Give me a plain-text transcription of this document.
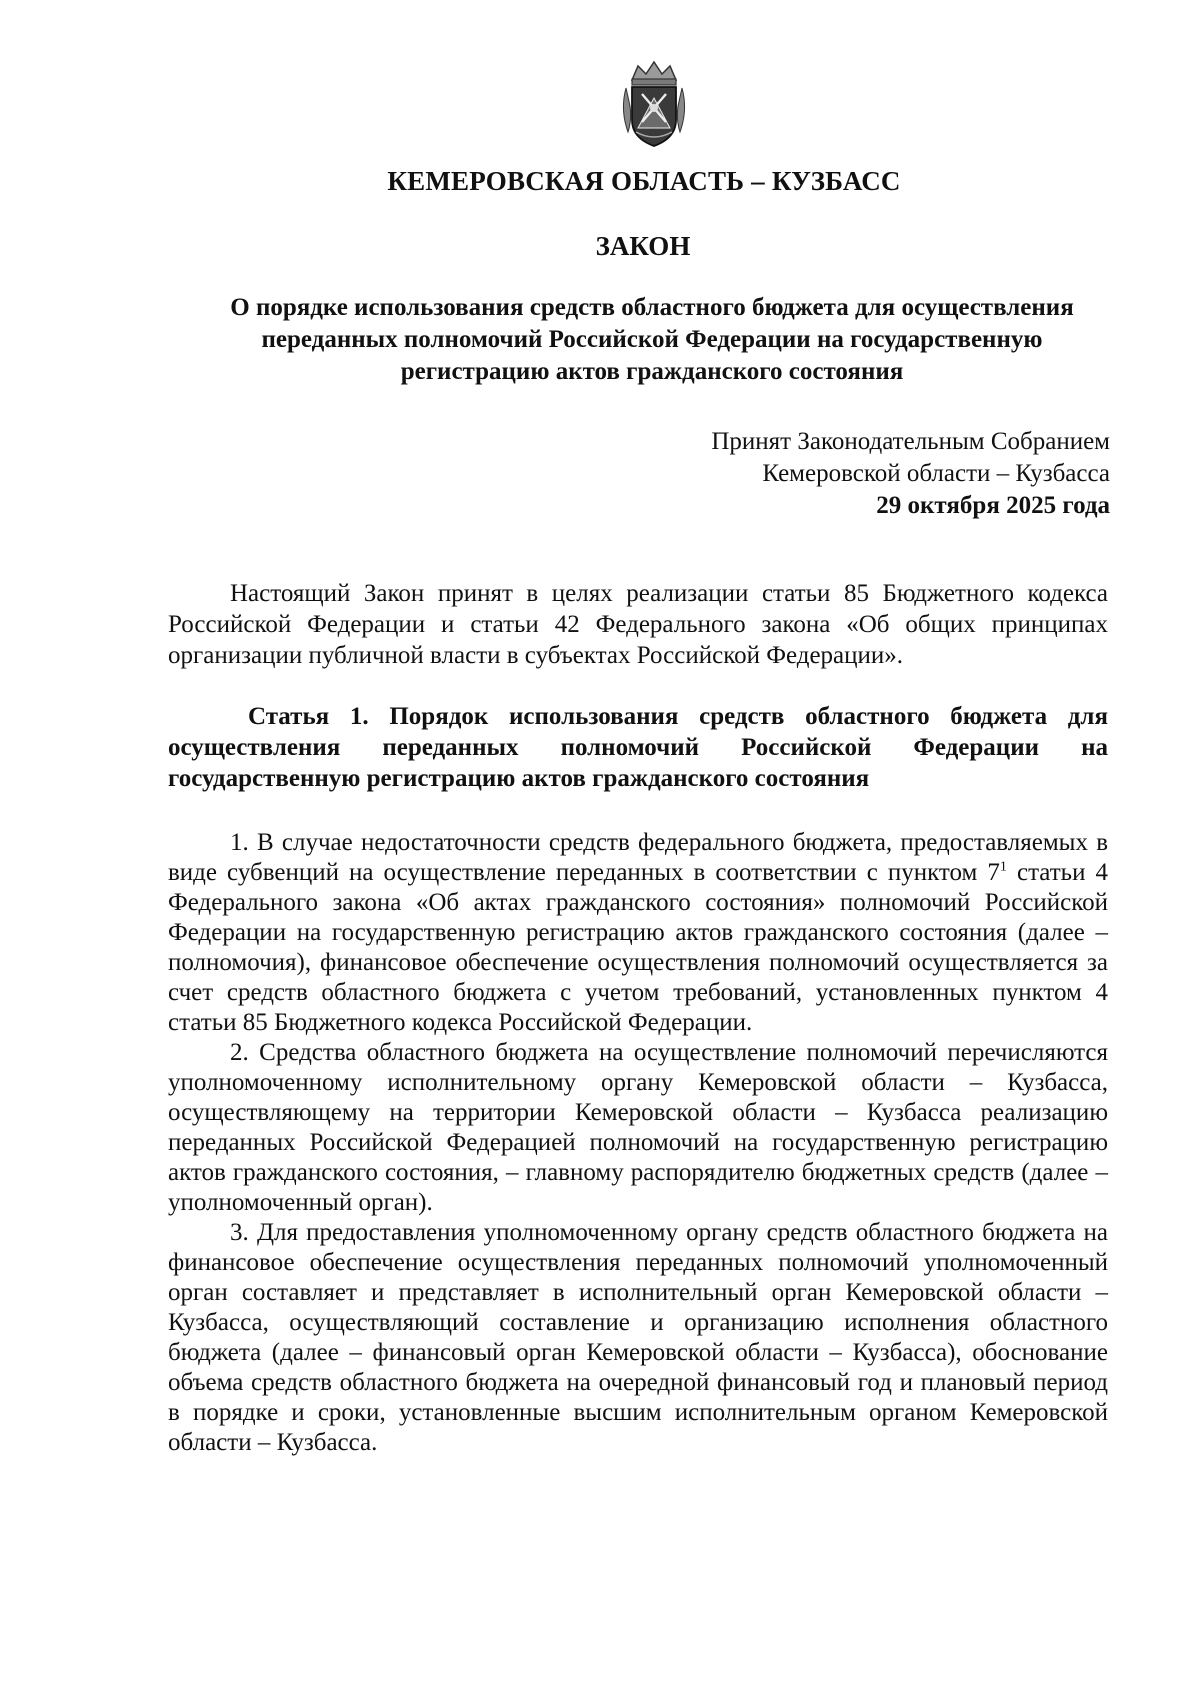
КЕМЕРОВСКАЯ ОБЛАСТЬ – КУЗБАСС
ЗАКОН
О порядке использования средств областного бюджета для осуществления
переданных полномочий Российской Федерации на государственную
регистрацию актов гражданского состояния
Принят Законодательным Собранием
Кемеровской области – Кузбасса
29 октября 2025 года

Настоящий Закон принят в целях реализации статьи 85 Бюджетного кодекса Российской Федерации и статьи 42 Федерального закона «Об общих принципах организации публичной власти в субъектах Российской Федерации».

Статья 1. Порядок использования средств областного бюджета для осуществления переданных полномочий Российской Федерации на государственную регистрацию актов гражданского состояния

1. В случае недостаточности средств федерального бюджета, предоставляемых в виде субвенций на осуществление переданных в соответствии с пунктом $7^1$ статьи 4 Федерального закона «Об актах гражданского состояния» полномочий Российской Федерации на государственную регистрацию актов гражданского состояния (далее – полномочия), финансовое обеспечение осуществления полномочий осуществляется за счет средств областного бюджета с учетом требований, установленных пунктом 4 статьи 85 Бюджетного кодекса Российской Федерации.

2. Средства областного бюджета на осуществление полномочий перечисляются уполномоченному исполнительному органу Кемеровской области – Кузбасса, осуществляющему на территории Кемеровской области – Кузбасса реализацию переданных Российской Федерацией полномочий на государственную регистрацию актов гражданского состояния, – главному распорядителю бюджетных средств (далее – уполномоченный орган).

3. Для предоставления уполномоченному органу средств областного бюджета на финансовое обеспечение осуществления переданных полномочий уполномоченный орган составляет и представляет в исполнительный орган Кемеровской области – Кузбасса, осуществляющий составление и организацию исполнения областного бюджета (далее – финансовый орган Кемеровской области – Кузбасса), обоснование объема средств областного бюджета на очередной финансовый год и плановый период в порядке и сроки, установленные высшим исполнительным органом Кемеровской области – Кузбасса.
